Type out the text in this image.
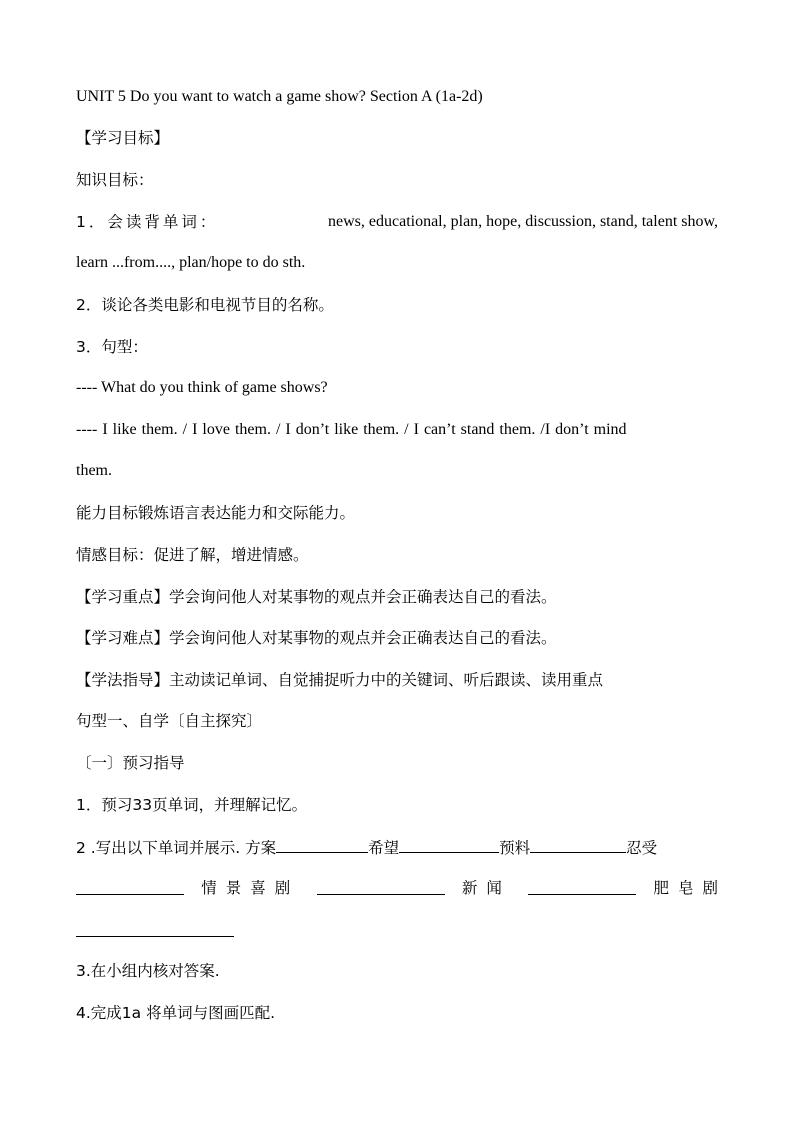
UNIT 5 Do you want to watch a game show? Section A (1a-2d)
【学习目标】
知识目标：
1．会读背单词：	news, educational, plan, hope, discussion, stand, talent show,
learn ...from...., plan/hope to do sth.
2．谈论各类电影和电视节目的名称。
3．句型：
---- What do you think of game shows?
---- I like them. / I love them. / I don’t like them. / I can’t stand them. /I don’t mind
them.
能力目标锻炼语言表达能力和交际能力。
情感目标：促进了解，增进情感。
【学习重点】学会询问他人对某事物的观点并会正确表达自己的看法。
【学习难点】学会询问他人对某事物的观点并会正确表达自己的看法。
【学法指导】主动读记单词、自觉捕捉听力中的关键词、听后跟读、读用重点
句型一、自学〔自主探究〕
〔一〕预习指导
1．预习33页单词，并理解记忆。
2 .写出以下单词并展示. 方案	希望	预料	忍受
情景喜剧	新闻	肥皂剧
3.在小组内核对答案.
4.完成1a 将单词与图画匹配.
